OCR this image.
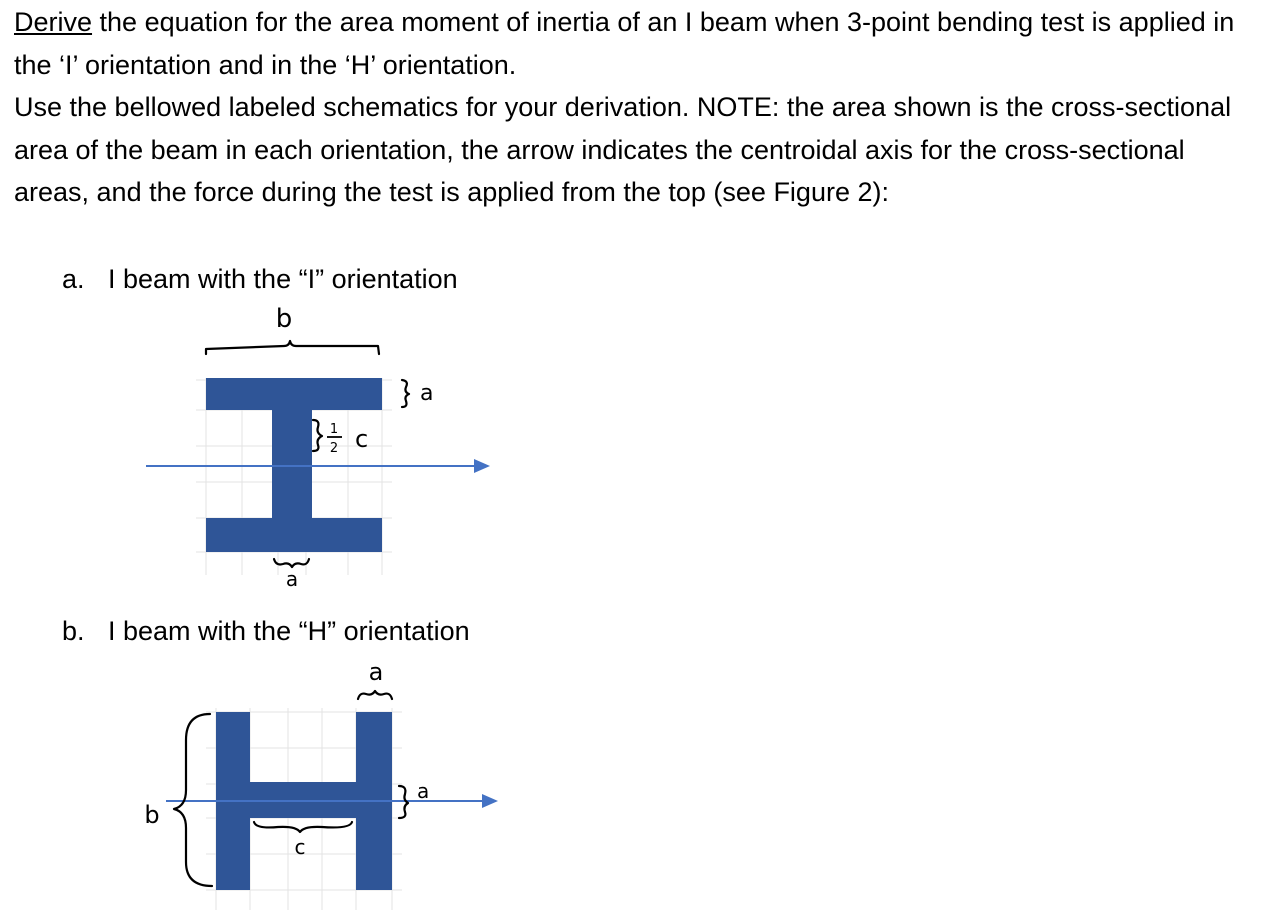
Derive the equation for the area moment of inertia of an I beam when 3-point bending test is applied in the ‘I’ orientation and in the ‘H’ orientation.

Use the bellowed labeled schematics for your derivation. NOTE: the area shown is the cross-sectional area of the beam in each orientation, the arrow indicates the centroidal axis for the cross-sectional areas, and the force during the test is applied from the top (see Figure 2):

a. I beam with the “I” orientation
b. I beam with the “H” orientation
b
a
1
2 c
a
a
b
a
c
